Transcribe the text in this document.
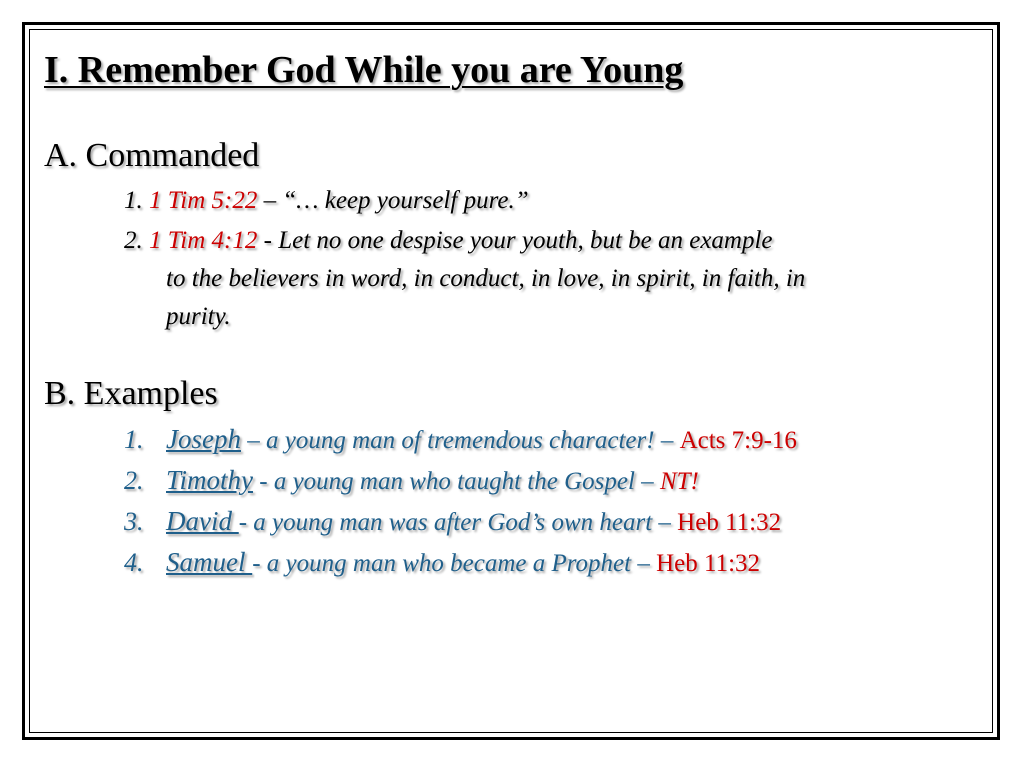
I. Remember God While you are Young
A. Commanded
1. 1 Tim 5:22 – “… keep yourself pure.”
2. 1 Tim 4:12 - Let no one despise your youth, but be an example
to the believers in word, in conduct, in love, in spirit, in faith, in
purity.
B. Examples
1. Joseph – a young man of tremendous character! – Acts 7:9-16
2. Timothy - a young man who taught the Gospel – NT!
3. David - a young man was after God’s own heart – Heb 11:32
4. Samuel - a young man who became a Prophet – Heb 11:32
